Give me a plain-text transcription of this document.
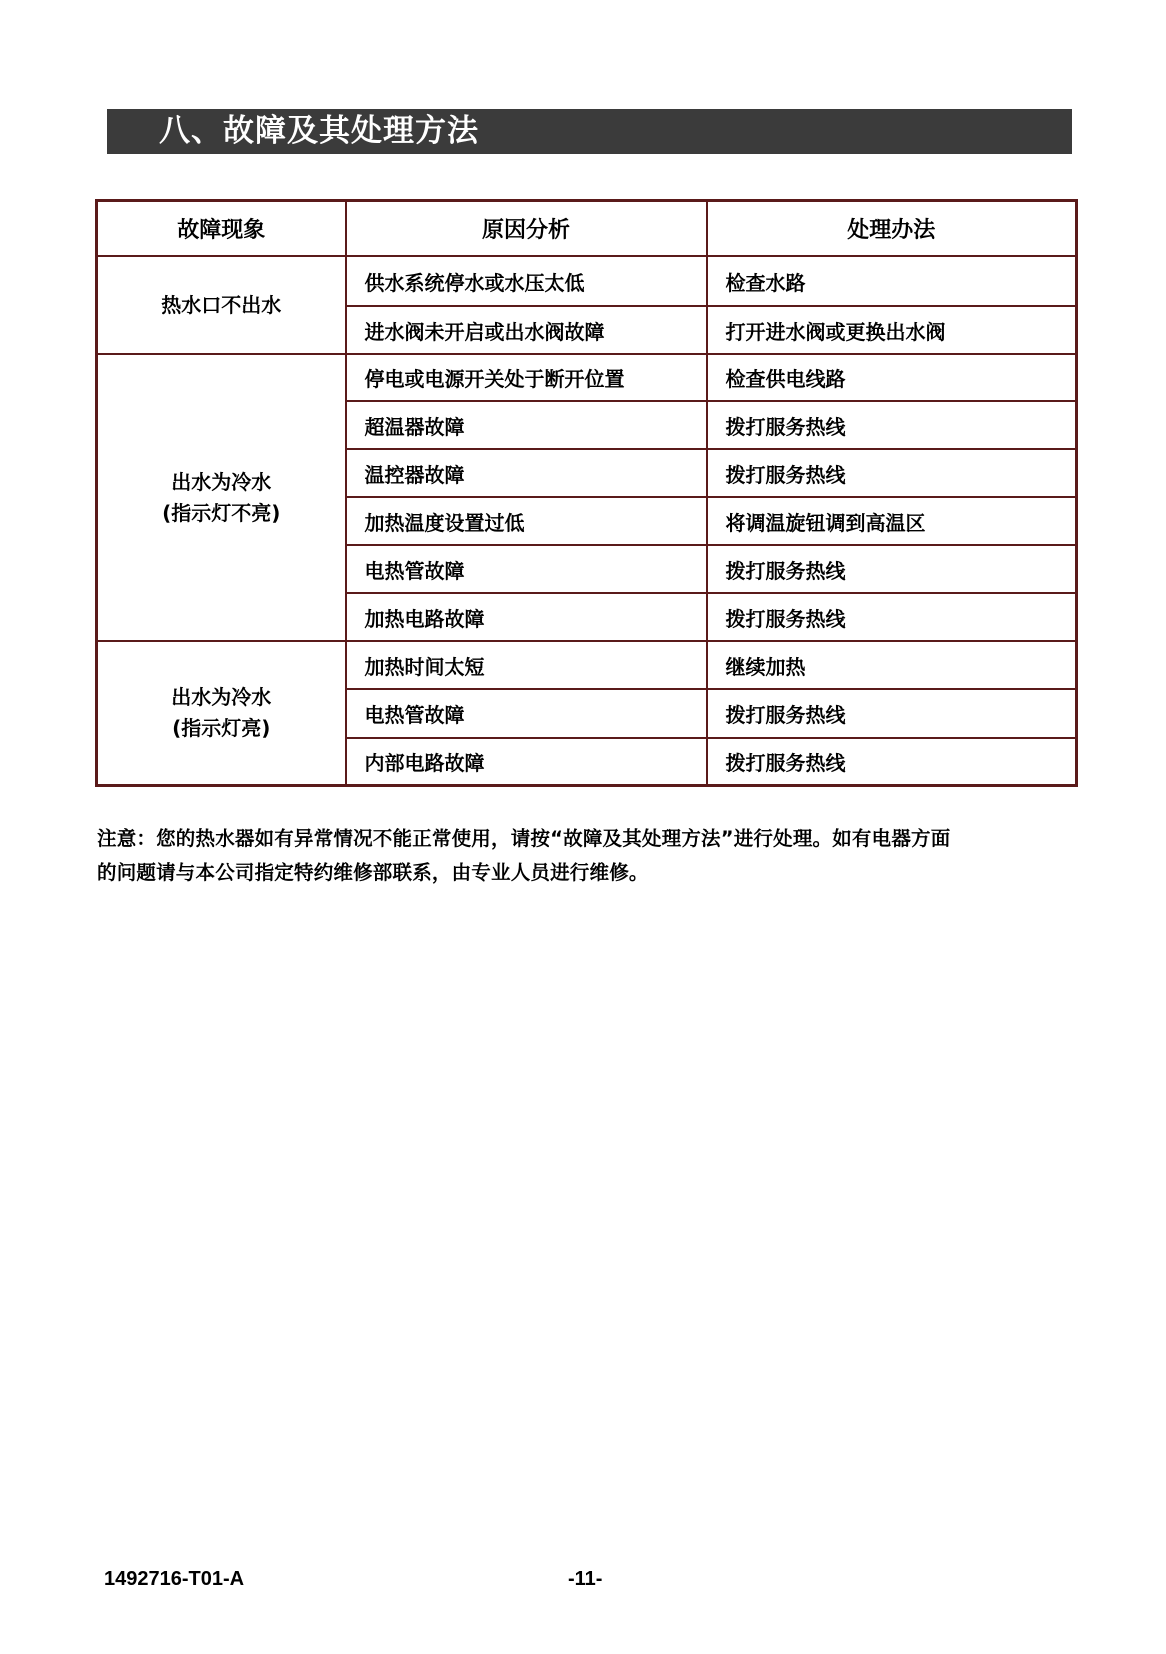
八、故障及其处理方法
故障现象	原因分析	处理办法
热水口不出水	供水系统停水或水压太低	检查水路
	进水阀未开启或出水阀故障	打开进水阀或更换出水阀

出水为冷水
(指示灯不亮)	停电或电源开关处于断开位置	检查供电线路
	超温器故障	拨打服务热线
	温控器故障	拨打服务热线
	加热温度设置过低	将调温旋钮调到高温区
	电热管故障	拨打服务热线
	加热电路故障	拨打服务热线

出水为冷水
(指示灯亮)	加热时间太短	继续加热
	电热管故障	拨打服务热线
	内部电路故障	拨打服务热线
注意：您的热水器如有异常情况不能正常使用，请按“故障及其处理方法”进行处理。如有电器方面
的问题请与本公司指定特约维修部联系，由专业人员进行维修。
1492716-T01-A	-11-
